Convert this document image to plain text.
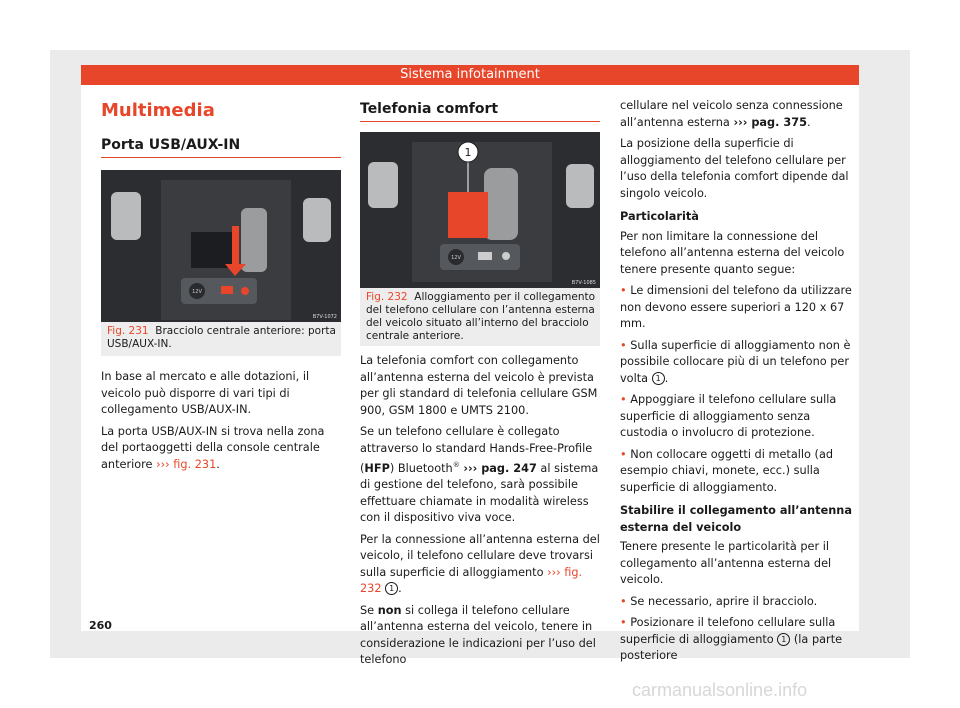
Sistema infotainment
Multimedia
Porta USB/AUX-IN
12V
B7V-1072
Fig. 231 Bracciolo centrale anteriore: porta USB/AUX-IN.

In base al mercato e alle dotazioni, il veicolo può disporre di vari tipi di collegamento USB/AUX-IN.

La porta USB/AUX-IN si trova nella zona del portaoggetti della console centrale anteriore ››› fig. 231.

Telefonia comfort
1
12V
B7V-1085
Fig. 232 Alloggiamento per il collegamento del telefono cellulare con l’antenna esterna del veicolo situato all’interno del bracciolo centrale anteriore.

La telefonia comfort con collegamento all’antenna esterna del veicolo è prevista per gli standard di telefonia cellulare GSM 900, GSM 1800 e UMTS 2100.

Se un telefono cellulare è collegato attraverso lo standard Hands-Free-Profile (HFP) Bluetooth® ››› pag. 247 al sistema di gestione del telefono, sarà possibile effettuare chiamate in modalità wireless con il dispositivo viva voce.

Per la connessione all’antenna esterna del veicolo, il telefono cellulare deve trovarsi sulla superficie di alloggiamento ››› fig. 232 1 .

Se non si collega il telefono cellulare all’antenna esterna del veicolo, tenere in considerazione le indicazioni per l’uso del telefono

cellulare nel veicolo senza connessione all’antenna esterna ››› pag. 375.

La posizione della superficie di alloggiamento del telefono cellulare per l’uso della telefonia comfort dipende dal singolo veicolo.

Particolarità

Per non limitare la connessione del telefono all’antenna esterna del veicolo tenere presente quanto segue:

• Le dimensioni del telefono da utilizzare non devono essere superiori a 120 x 67 mm.

• Sulla superficie di alloggiamento non è possibile collocare più di un telefono per volta 1 .

• Appoggiare il telefono cellulare sulla superficie di alloggiamento senza custodia o involucro di protezione.

• Non collocare oggetti di metallo (ad esempio chiavi, monete, ecc.) sulla superficie di alloggiamento.

Stabilire il collegamento all’antenna esterna del veicolo

Tenere presente le particolarità per il collegamento all’antenna esterna del veicolo.

• Se necessario, aprire il bracciolo.

• Posizionare il telefono cellulare sulla superficie di alloggiamento 1 (la parte posteriore

260
carmanualsonline.info
